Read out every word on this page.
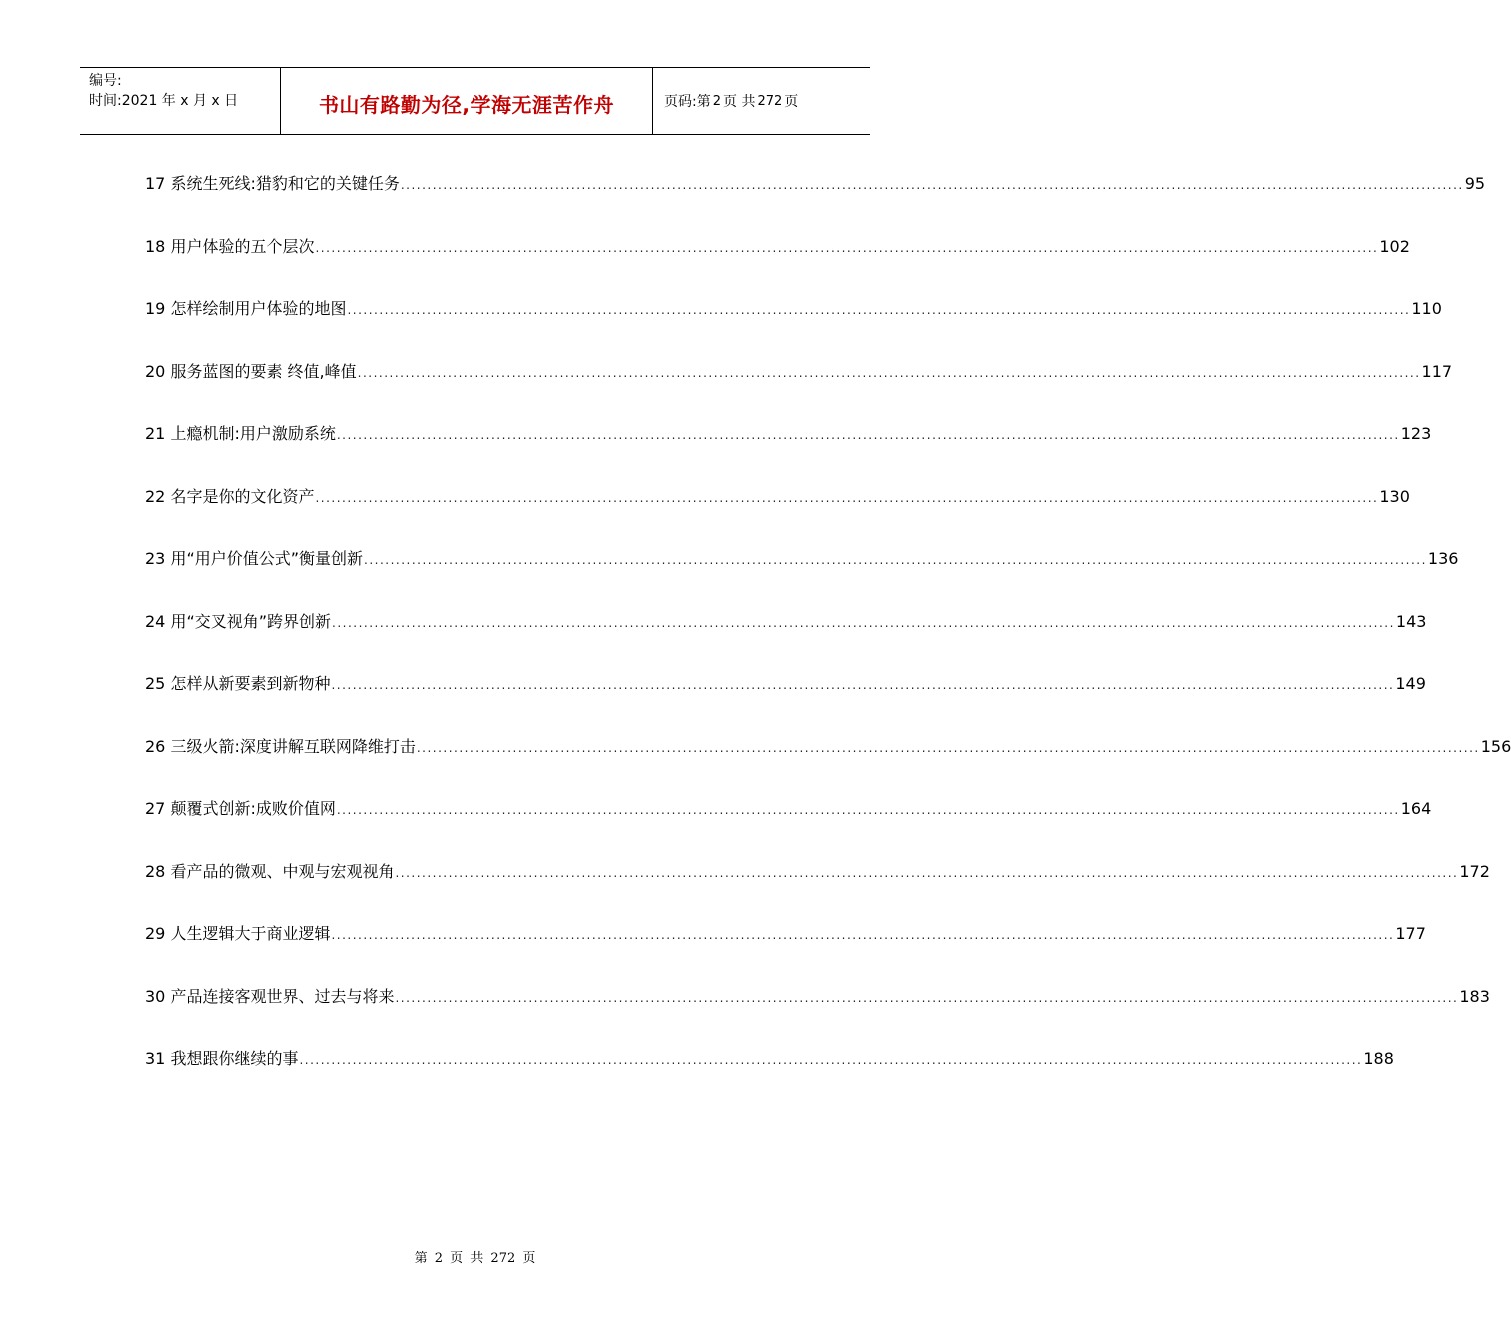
编号:
时间:2021 年 x 月 x 日	书山有路勤为径,学海无涯苦作舟	页码:第 2 页 共 272 页
17 系统生死线:猎豹和它的关键任务 ........................................................................................................................................................................................................ 95
18 用户体验的五个层次 ........................................................................................................................................................................................................ 102
19 怎样绘制用户体验的地图 ........................................................................................................................................................................................................ 110
20 服务蓝图的要素 终值,峰值 ........................................................................................................................................................................................................ 117
21 上瘾机制:用户激励系统 ........................................................................................................................................................................................................ 123
22 名字是你的文化资产 ........................................................................................................................................................................................................ 130
23 用“用户价值公式”衡量创新 ........................................................................................................................................................................................................ 136
24 用“交叉视角”跨界创新 ........................................................................................................................................................................................................ 143
25 怎样从新要素到新物种 ........................................................................................................................................................................................................ 149
26 三级火箭:深度讲解互联网降维打击 ........................................................................................................................................................................................................ 156
27 颠覆式创新:成败价值网 ........................................................................................................................................................................................................ 164
28 看产品的微观、中观与宏观视角 ........................................................................................................................................................................................................ 172
29 人生逻辑大于商业逻辑 ........................................................................................................................................................................................................ 177
30 产品连接客观世界、过去与将来 ........................................................................................................................................................................................................ 183
31 我想跟你继续的事 ........................................................................................................................................................................................................ 188
第 2 页 共 272 页
